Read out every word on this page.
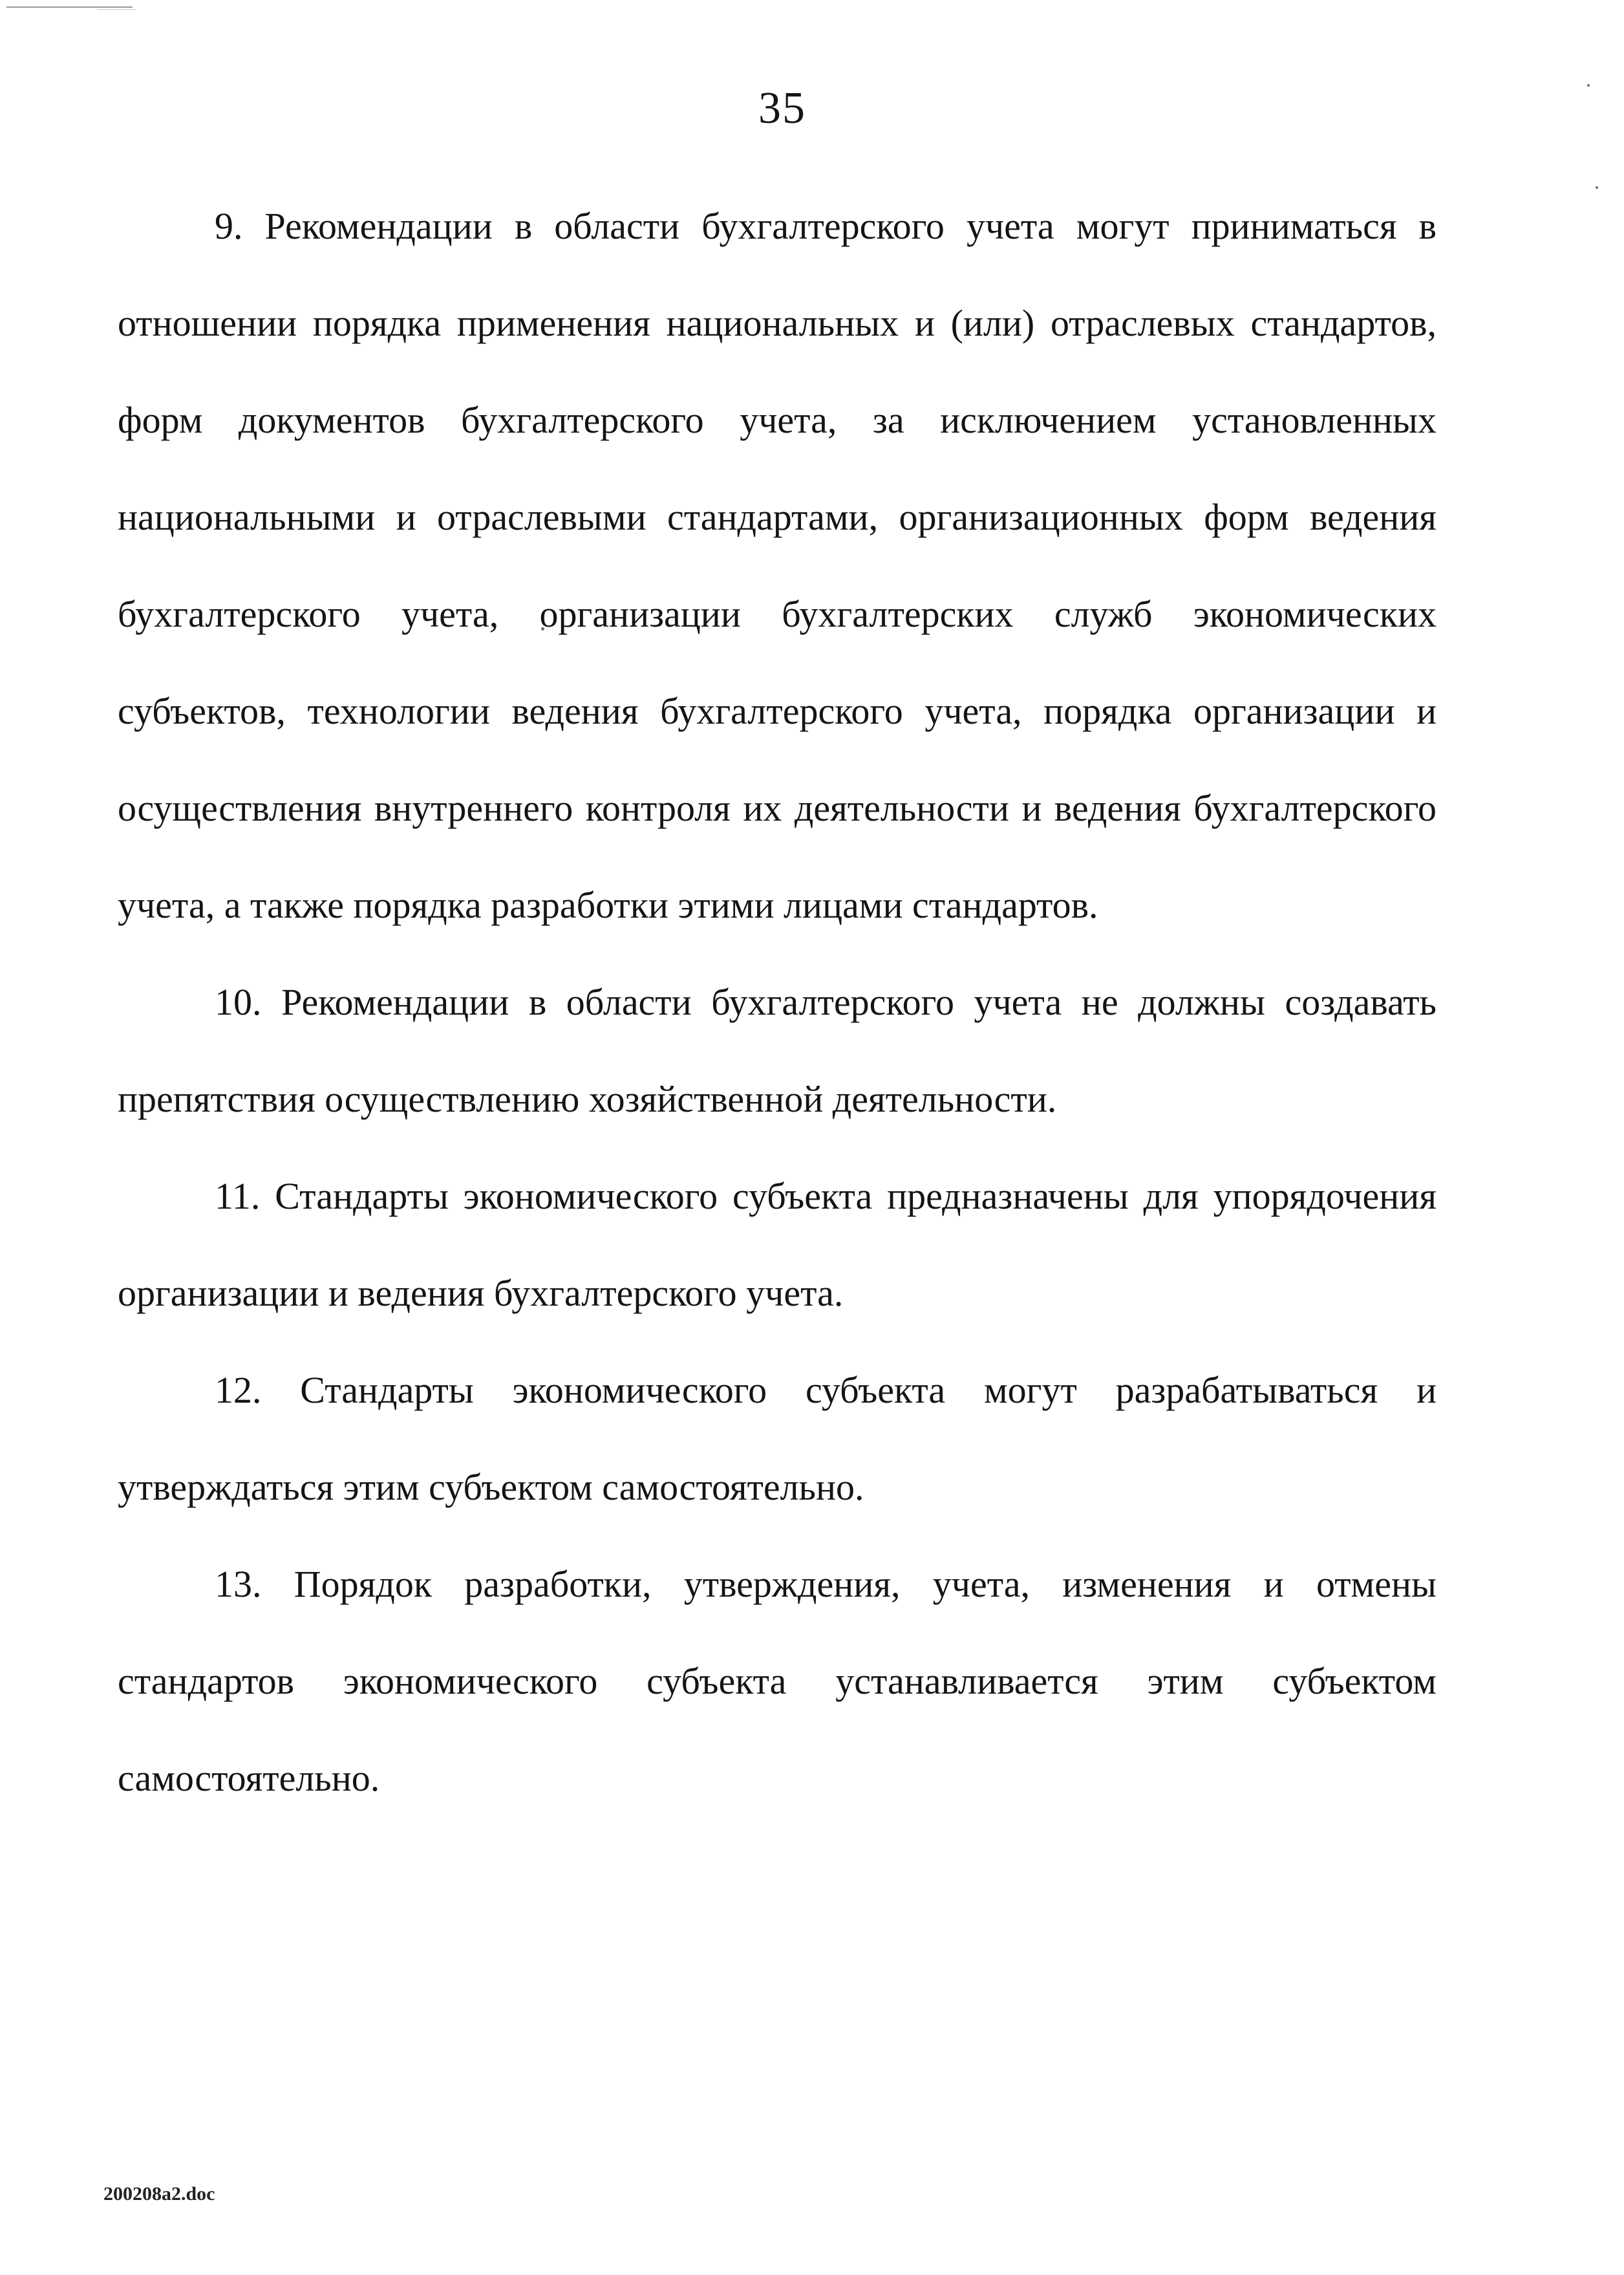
35

9. Рекомендации в области бухгалтерского учета могут приниматься в отношении порядка применения национальных и (или) отраслевых стандартов, форм документов бухгалтерского учета, за исключением установленных национальными и отраслевыми стандартами, организационных форм ведения бухгалтерского учета, организации бухгалтерских служб экономических субъектов, технологии ведения бухгалтерского учета, порядка организации и осуществления внутреннего контроля их деятельности и ведения бухгалтерского учета, а также порядка разработки этими лицами стандартов.

10. Рекомендации в области бухгалтерского учета не должны создавать препятствия осуществлению хозяйственной деятельности.

11. Стандарты экономического субъекта предназначены для упорядочения организации и ведения бухгалтерского учета.

12. Стандарты экономического субъекта могут разрабатываться и утверждаться этим субъектом самостоятельно.

13. Порядок разработки, утверждения, учета, изменения и отмены стандартов экономического субъекта устанавливается этим субъектом самостоятельно.

200208a2.doc
